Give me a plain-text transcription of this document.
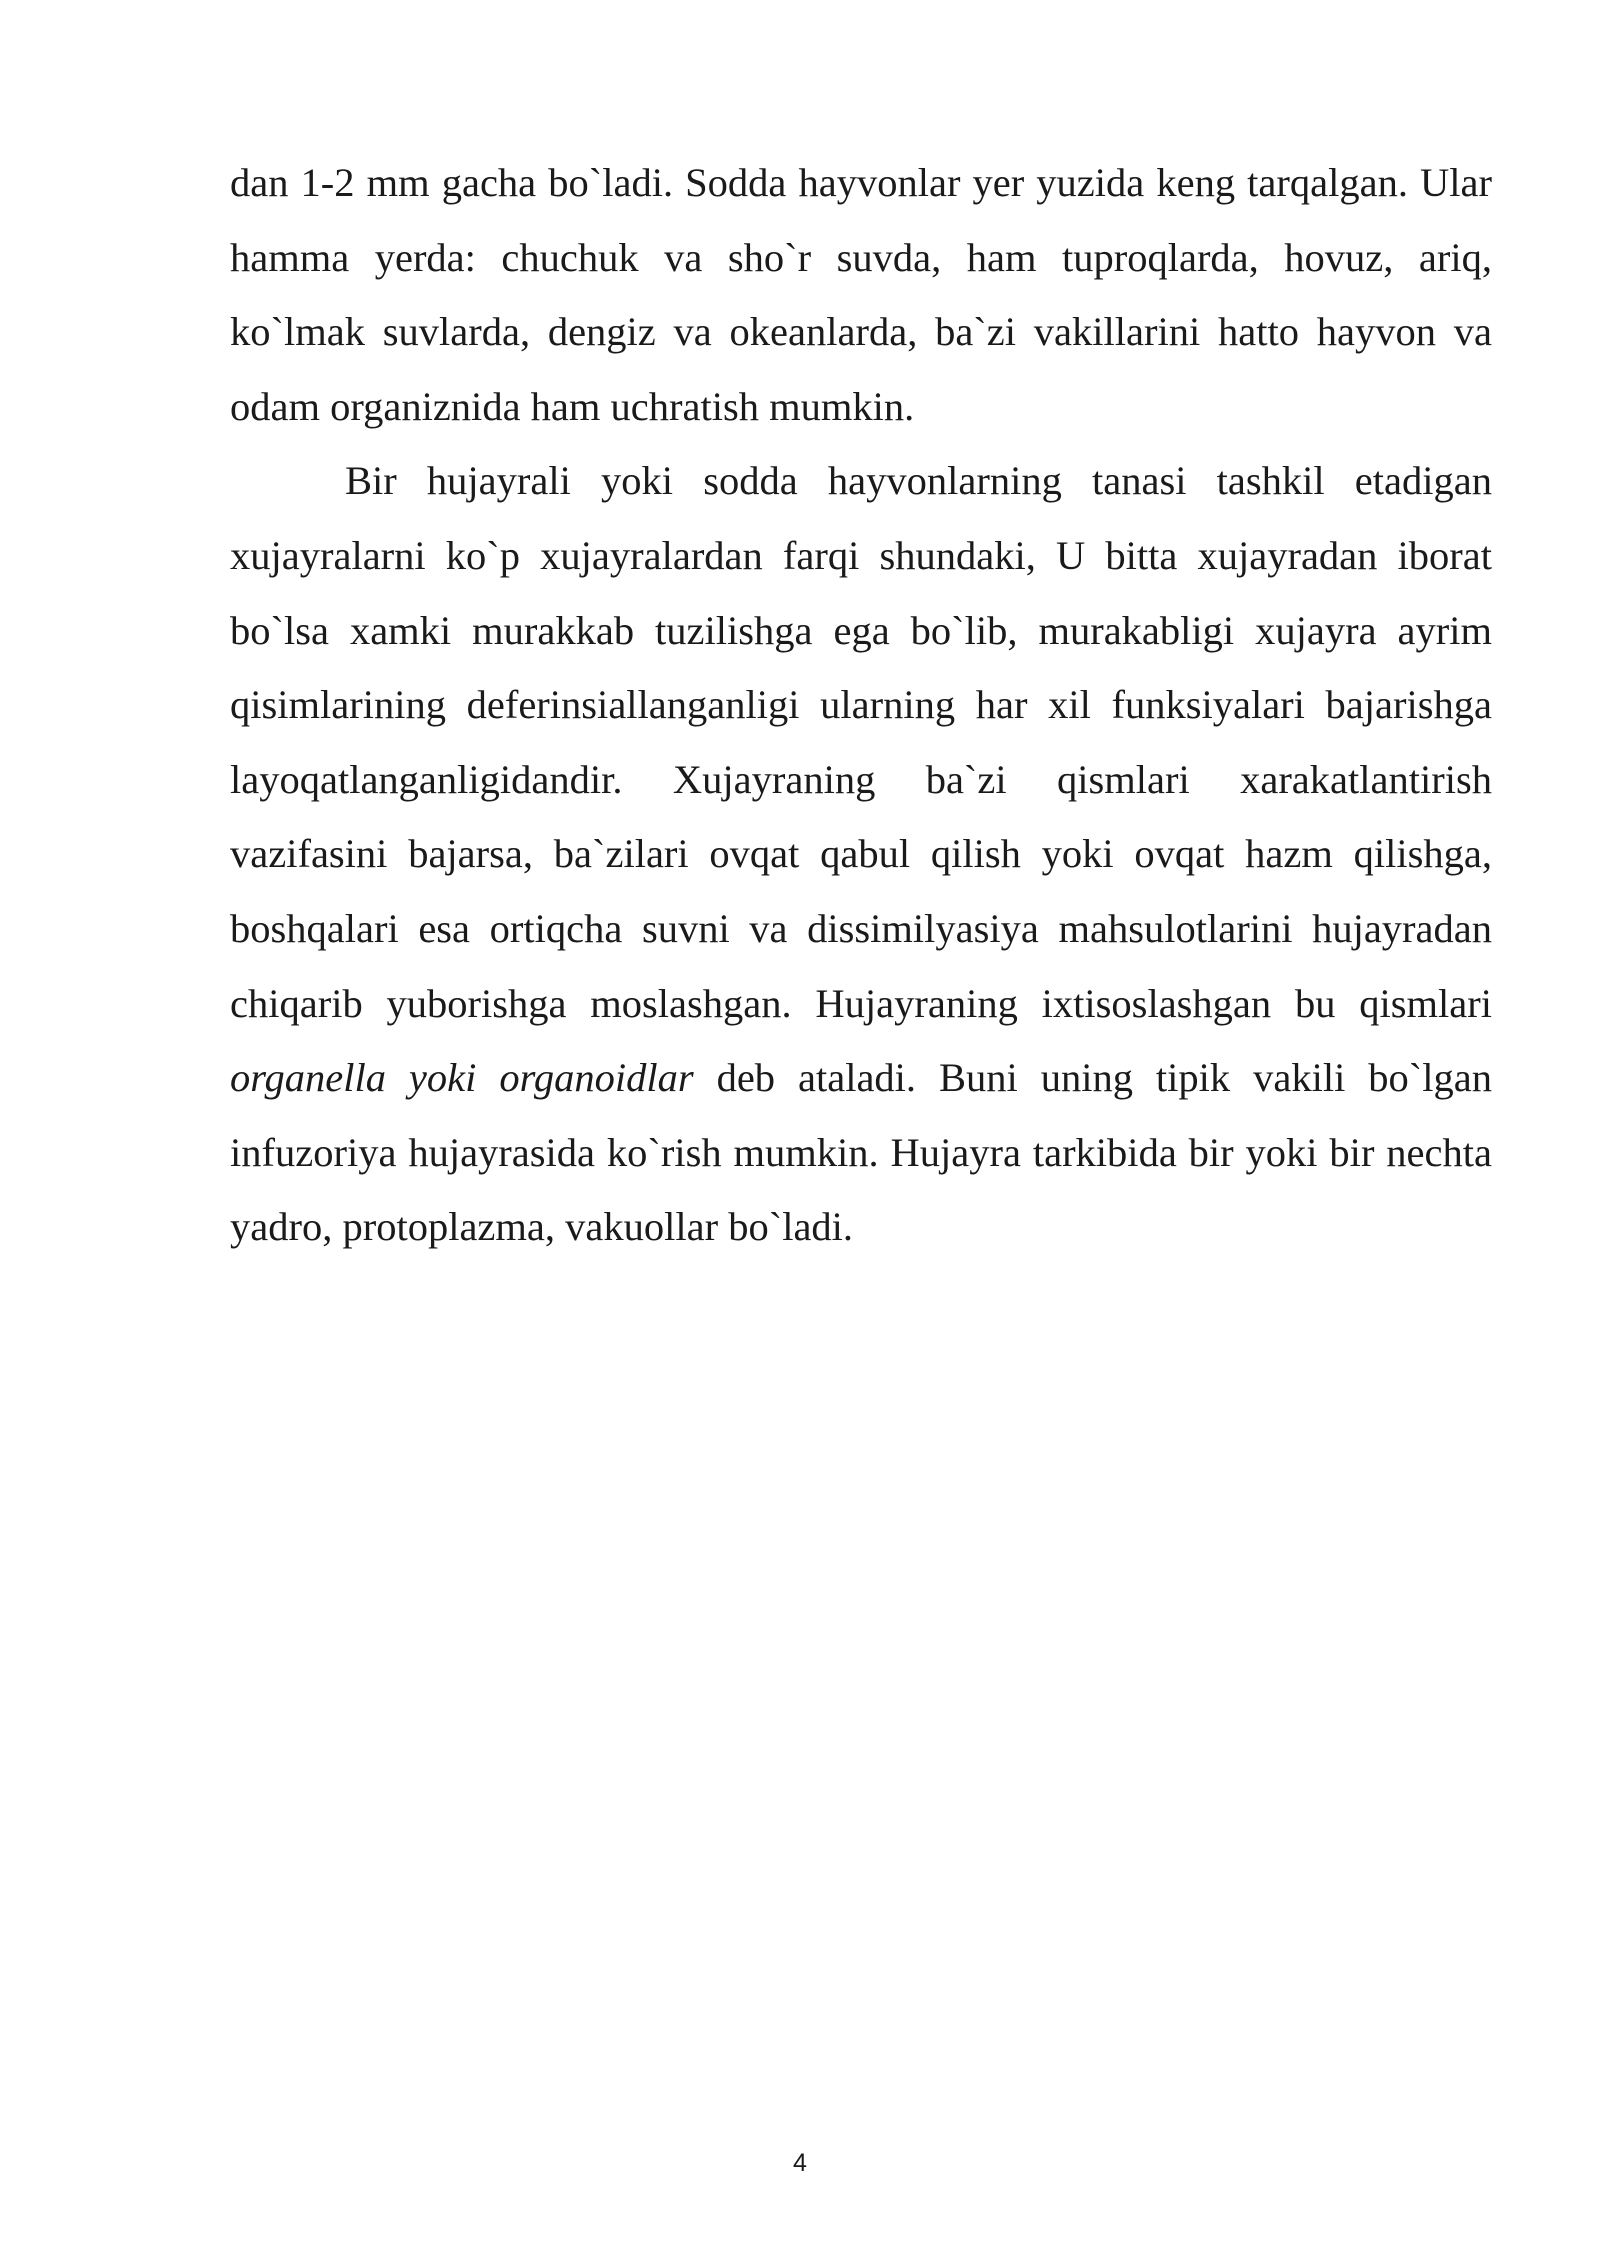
dan 1-2 mm gacha bo`ladi. Sodda hayvonlar yer yuzida keng tarqalgan. Ular hamma yerda: chuchuk va sho`r suvda, ham tuproqlarda, hovuz, ariq, ko`lmak suvlarda, dengiz va okeanlarda, ba`zi vakillarini hatto hayvon va odam organiznida ham uchratish mumkin.

Bir hujayrali yoki sodda hayvonlarning tanasi tashkil etadigan xujayralarni ko`p xujayralardan farqi shundaki, U bitta xujayradan iborat bo`lsa xamki murakkab tuzilishga ega bo`lib, murakabligi xujayra ayrim qisimlarining deferinsiallanganligi ularning har xil funksiyalari bajarishga layoqatlanganligidandir. Xujayraning ba`zi qismlari xarakatlantirish vazifasini bajarsa, ba`zilari ovqat qabul qilish yoki ovqat hazm qilishga, boshqalari esa ortiqcha suvni va dissimilyasiya mahsulotlarini hujayradan chiqarib yuborishga moslashgan. Hujayraning ixtisoslashgan bu qismlari organella yoki organoidlar deb ataladi. Buni uning tipik vakili bo`lgan infuzoriya hujayrasida ko`rish mumkin. Hujayra tarkibida bir yoki bir nechta yadro, protoplazma, vakuollar bo`ladi.

4
